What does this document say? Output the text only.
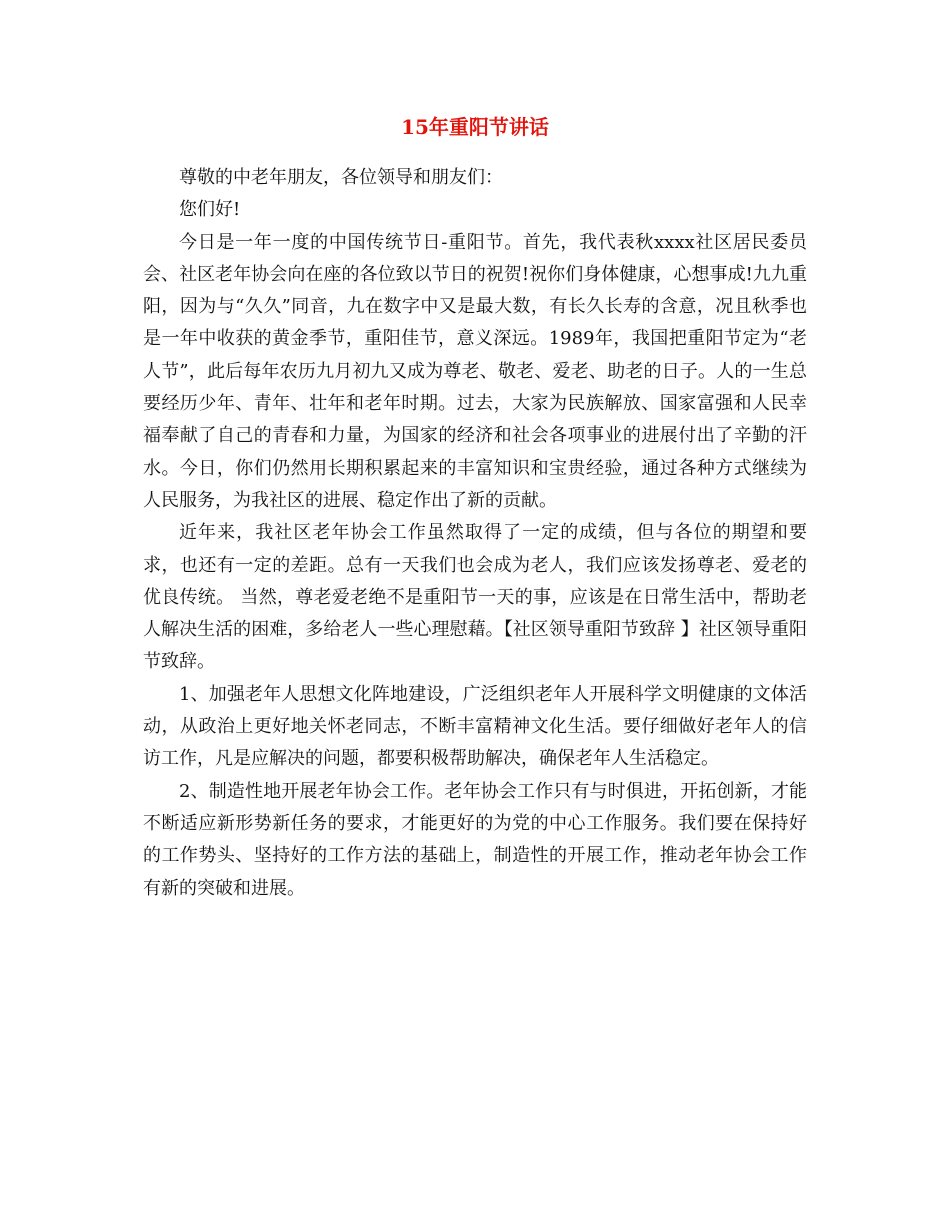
15年重阳节讲话

尊敬的中老年朋友，各位领导和朋友们：

您们好!

今日是一年一度的中国传统节日-重阳节。首先，我代表秋xxxx社区居民委员会、社区老年协会向在座的各位致以节日的祝贺!祝你们身体健康，心想事成!九九重阳，因为与“久久”同音，九在数字中又是最大数，有长久长寿的含意，况且秋季也是一年中收获的黄金季节，重阳佳节，意义深远。1989年，我国把重阳节定为“老人节”，此后每年农历九月初九又成为尊老、敬老、爱老、助老的日子。人的一生总要经历少年、青年、壮年和老年时期。过去，大家为民族解放、国家富强和人民幸福奉献了自己的青春和力量，为国家的经济和社会各项事业的进展付出了辛勤的汗水。今日，你们仍然用长期积累起来的丰富知识和宝贵经验，通过各种方式继续为人民服务，为我社区的进展、稳定作出了新的贡献。

近年来，我社区老年协会工作虽然取得了一定的成绩，但与各位的期望和要求，也还有一定的差距。总有一天我们也会成为老人，我们应该发扬尊老、爱老的优良传统。 当然，尊老爱老绝不是重阳节一天的事，应该是在日常生活中，帮助老人解决生活的困难，多给老人一些心理慰藉。【社区领导重阳节致辞 】社区领导重阳节致辞。

1、加强老年人思想文化阵地建设，广泛组织老年人开展科学文明健康的文体活动，从政治上更好地关怀老同志，不断丰富精神文化生活。要仔细做好老年人的信访工作，凡是应解决的问题，都要积极帮助解决，确保老年人生活稳定。

2、制造性地开展老年协会工作。老年协会工作只有与时俱进，开拓创新，才能不断适应新形势新任务的要求，才能更好的为党的中心工作服务。我们要在保持好的工作势头、坚持好的工作方法的基础上，制造性的开展工作，推动老年协会工作有新的突破和进展。
